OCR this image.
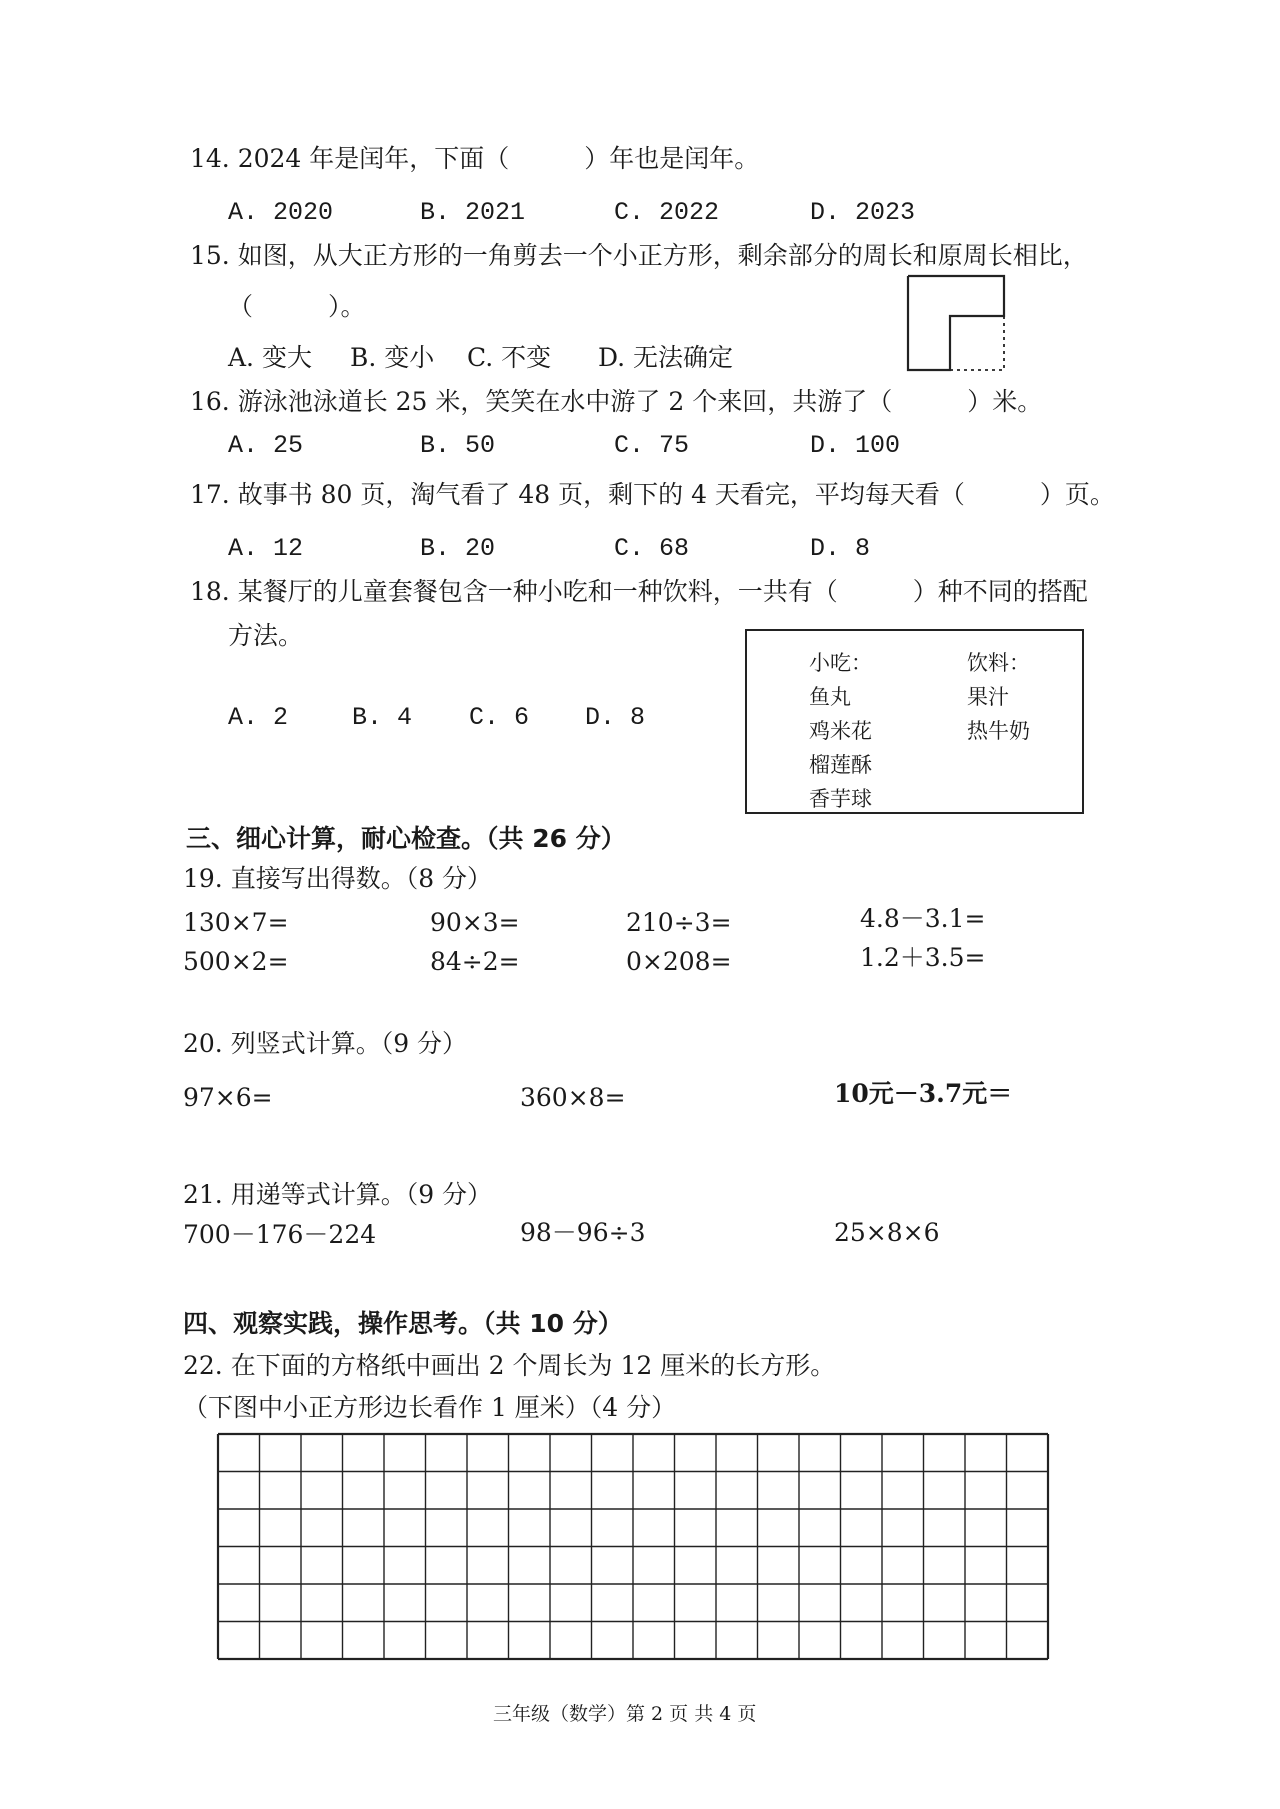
14. 2024 年是闰年，下面（　　　）年也是闰年。
A. 2020	B. 2021	C. 2022	D. 2023
15. 如图，从大正方形的一角剪去一个小正方形，剩余部分的周长和原周长相比，
（　　　）。
A. 变大 B. 变小 C. 不变 D. 无法确定
16. 游泳池泳道长 25 米，笑笑在水中游了 2 个来回，共游了（　　　）米。
A. 25	B. 50	C. 75	D. 100
17. 故事书 80 页，淘气看了 48 页，剩下的 4 天看完，平均每天看（　　　）页。
A. 12	B. 20	C. 68	D. 8
18. 某餐厅的儿童套餐包含一种小吃和一种饮料，一共有（　　　）种不同的搭配
方法。
A. 2	B. 4 C. 6 D. 8
小吃：
鱼丸
鸡米花
榴莲酥
香芋球
饮料：
果汁
热牛奶
三、细心计算，耐心检查。（共 26 分）
19. 直接写出得数。（8 分）
130×7=	90×3=	210÷3=	4.8－3.1=
500×2=	84÷2=	0×208=	1.2＋3.5=
20. 列竖式计算。（9 分）
97×6=	360×8=	10元－3.7元＝
21. 用递等式计算。（9 分）
700－176－224	98－96÷3	25×8×6
四、观察实践，操作思考。（共 10 分）
22. 在下面的方格纸中画出 2 个周长为 12 厘米的长方形。
（下图中小正方形边长看作 1 厘米）（4 分）
三年级（数学）第 2 页 共 4 页
